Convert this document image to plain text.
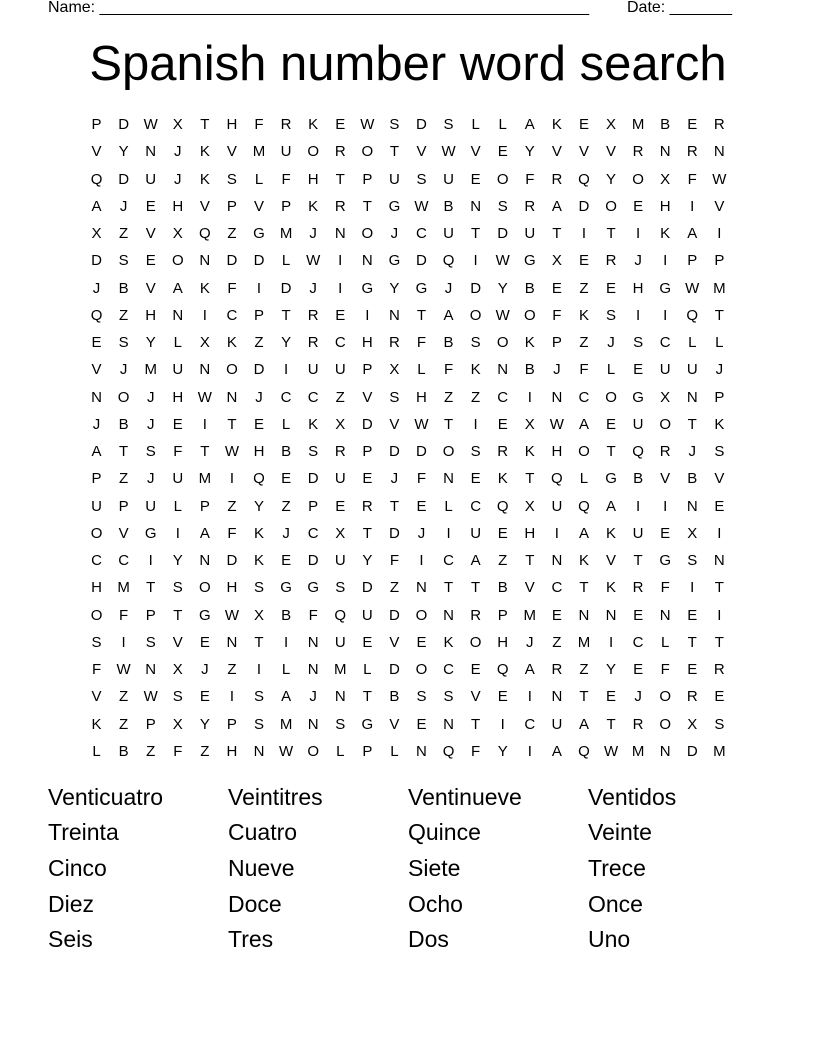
Name: _______________________________________________________ Date: _______
Spanish number word search
P	D W X	T	H	F	R	K	E W S	D	S	L	L	A	K	E	X	M	B	E	R
V	Y	N	J	K	V	M	U	O	R	O	T	V W V	E	Y	V	V	V	R	N	R	N
Q	D	U	J	K	S	L	F	H	T	P	U	S	U	E	O	F	R	Q	Y	O	X	F	W
A	J	E	H	V	P	V	P	K	R	T	G W B	N	S	R	A	D	O	E	H	I	V
X	Z	V	X	Q	Z	G M	J	N	O	J	C	U	T	D	U	T	I	T	I	K	A	I
D	S	E	O	N	D	D	L	W	I	N	G	D	Q	I	W G	X	E	R	J	I	P	P
J	B	V	A	K	F	I	D	J	I	G	Y	G	J	D	Y	B	E	Z	E	H	G W M
Q	Z	H	N	I	C	P	T	R	E	I	N	T	A	O W O	F	K	S	I	I	Q	T
E	S	Y	L	X	K	Z	Y	R	C	H	R	F	B	S	O	K	P	Z	J	S	C	L	L
V	J	M	U	N	O	D	I	U	U	P	X	L	F	K	N	B	J	F	L	E	U	U	J
N	O	J	H W N	J	C	C	Z	V	S	H	Z	Z	C	I	N	C	O	G	X	N	P
J	B	J	E	I	T	E	L	K	X	D	V W	T	I	E	X W A	E	U	O	T	K
A	T	S	F	T	W H	B	S	R	P	D	D	O	S	R	K	H	O	T	Q	R	J	S
P	Z	J	U	M	I	Q	E	D	U	E	J	F	N	E	K	T	Q	L	G	B	V	B	V
U	P	U	L	P	Z	Y	Z	P	E	R	T	E	L	C	Q	X	U	Q	A	I	I	N	E
O	V	G	I	A	F	K	J	C	X	T	D	J	I	U	E	H	I	A	K	U	E	X	I
C	C	I	Y	N	D	K	E	D	U	Y	F	I	C	A	Z	T	N	K	V	T	G	S	N
H	M	T	S	O	H	S	G	G	S	D	Z	N	T	T	B	V	C	T	K	R	F	I	T
O	F	P	T	G W X	B	F	Q	U	D	O	N	R	P	M	E	N	N	E	N	E	I
S	I	S	V	E	N	T	I	N	U	E	V	E	K	O	H	J	Z	M	I	C	L	T	T
F	W N	X	J	Z	I	L	N	M	L	D	O	C	E	Q	A	R	Z	Y	E	F	E	R
V	Z	W S	E	I	S	A	J	N	T	B	S	S	V	E	I	N	T	E	J	O	R	E
K	Z	P	X	Y	P	S	M	N	S	G	V	E	N	T	I	C	U	A	T	R	O	X	S
L	B	Z	F	Z	H	N W O	L	P	L	N	Q	F	Y	I	A	Q W M	N	D	M
Venticuatro	Veintitres	Ventinueve	Ventidos
Treinta	Cuatro	Quince	Veinte
Cinco	Nueve	Siete	Trece
Diez	Doce	Ocho	Once
Seis	Tres	Dos	Uno
